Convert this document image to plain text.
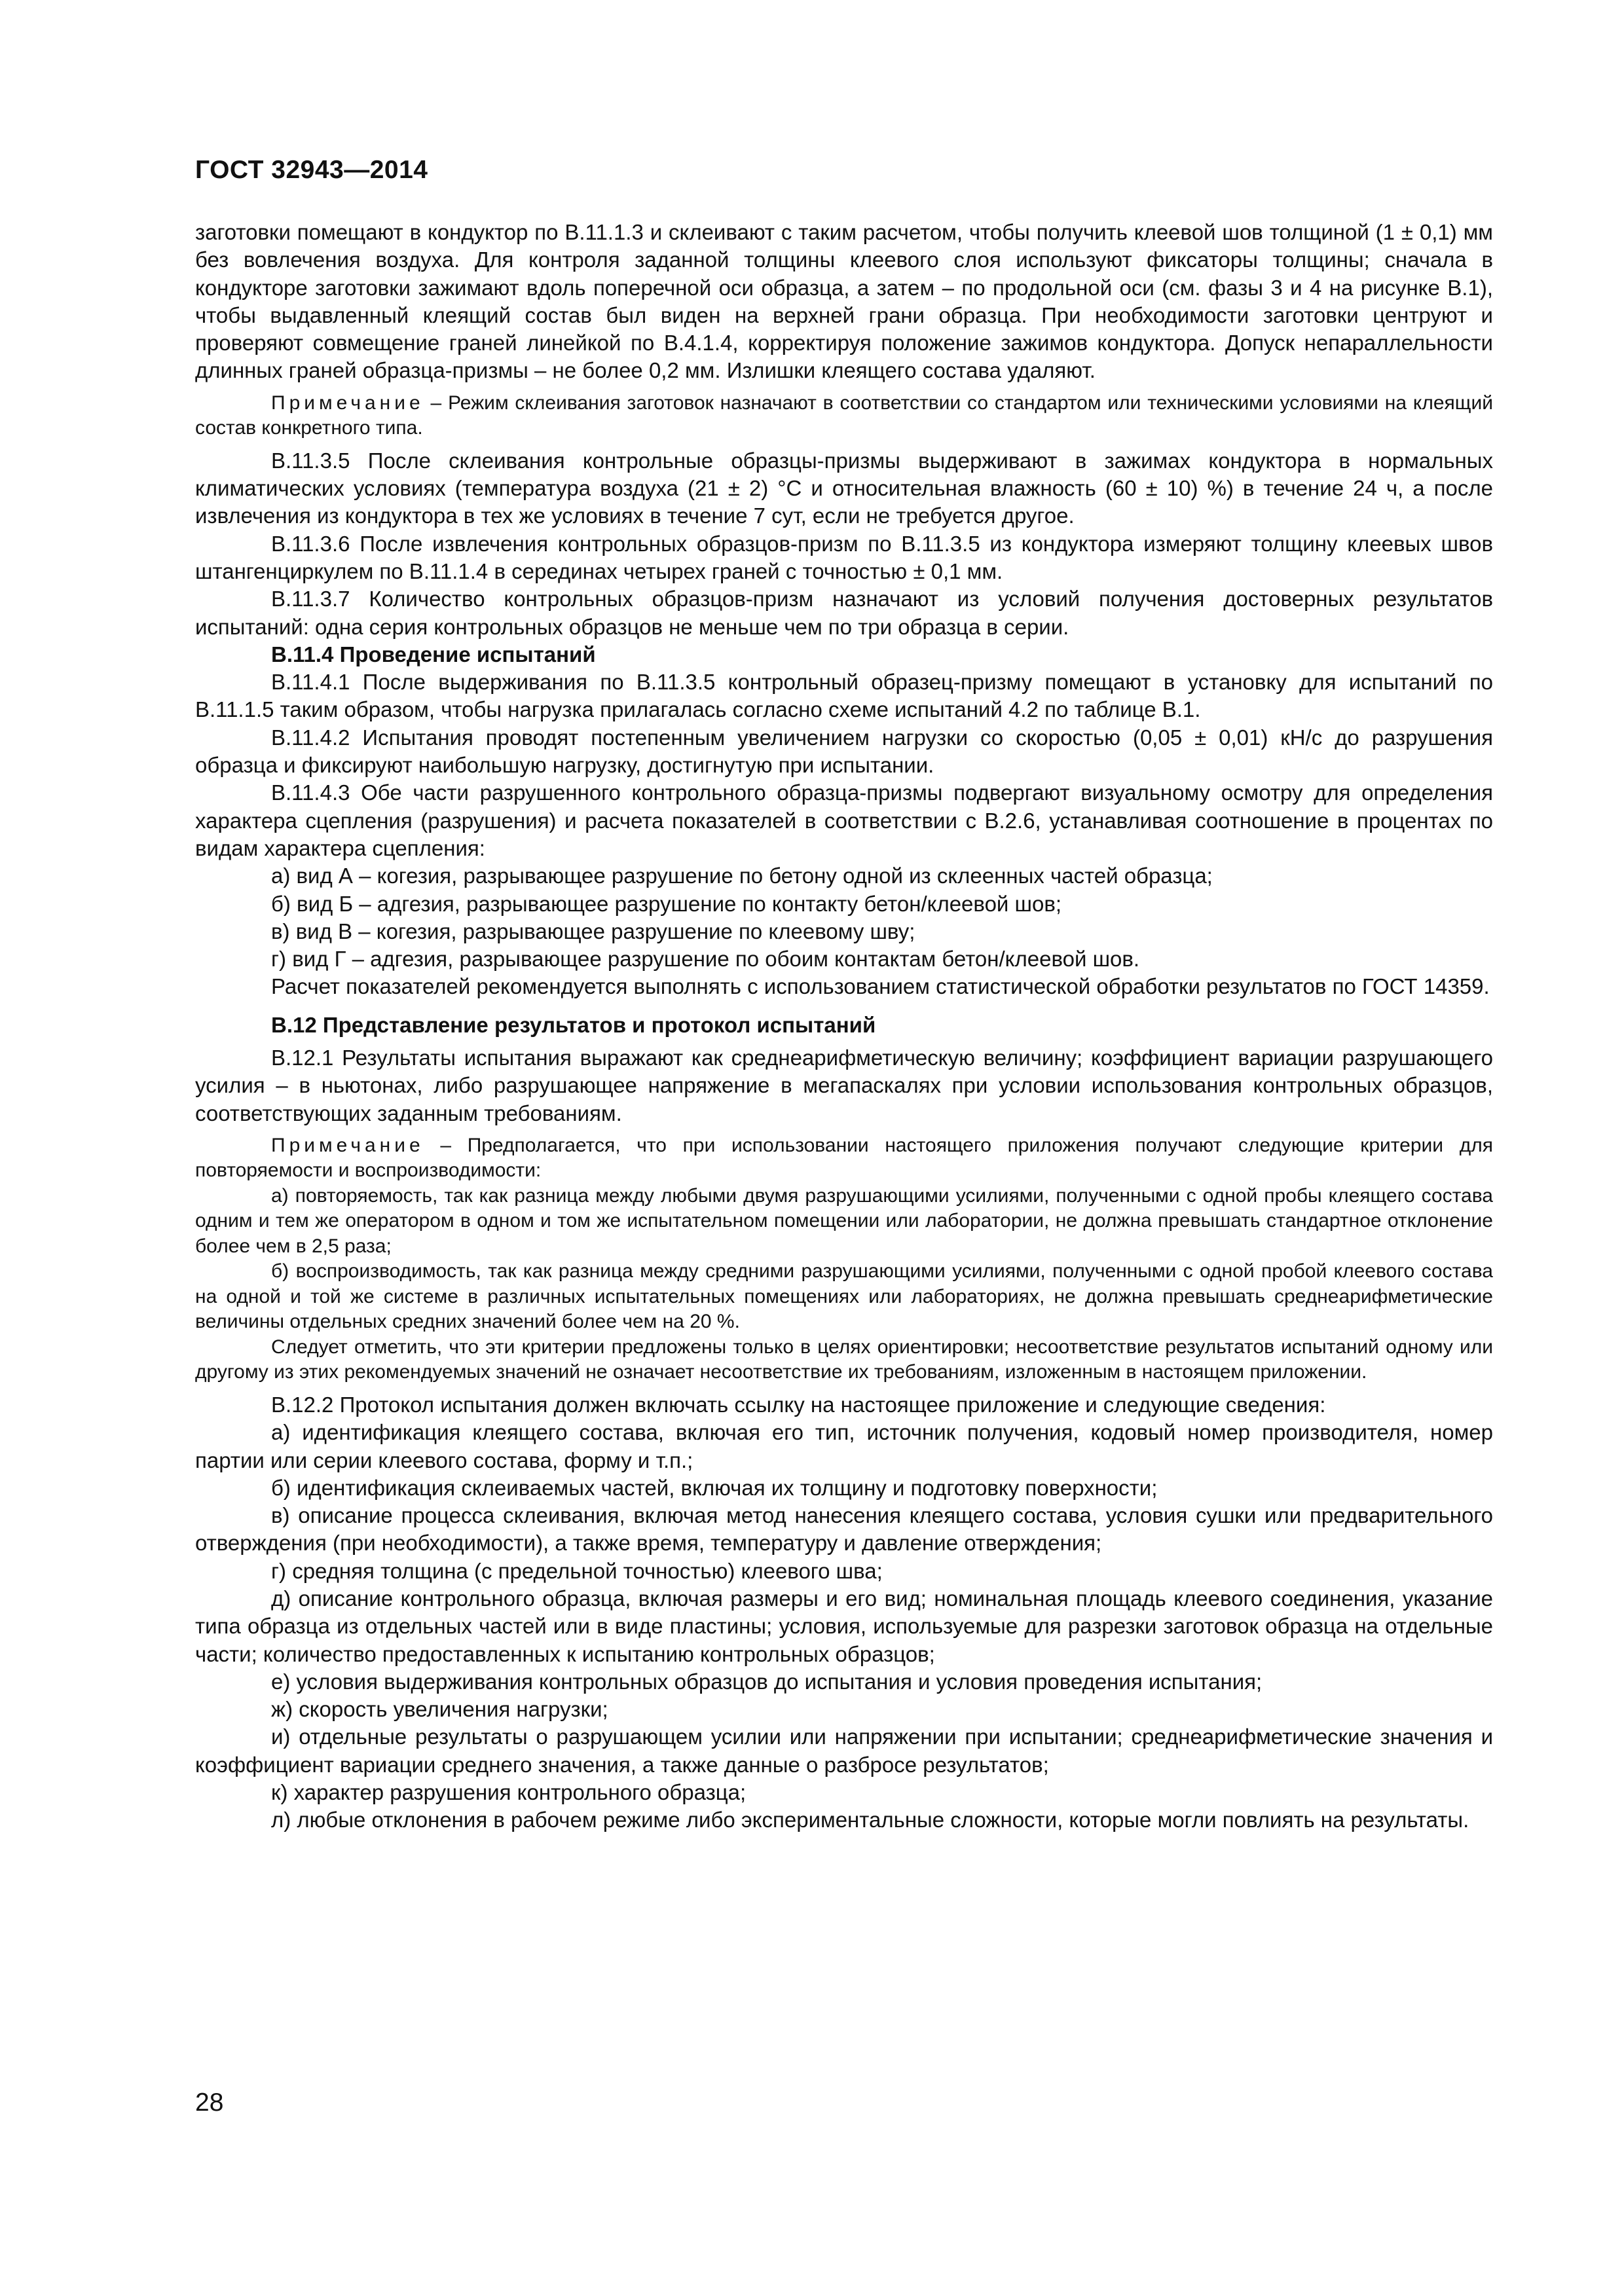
ГОСТ 32943—2014

заготовки помещают в кондуктор по В.11.1.3 и склеивают с таким расчетом, чтобы получить клеевой шов толщиной (1 ± 0,1) мм без вовлечения воздуха. Для контроля заданной толщины клеевого слоя используют фиксаторы толщины; сначала в кондукторе заготовки зажимают вдоль поперечной оси образца, а затем – по продольной оси (см. фазы 3 и 4 на рисунке В.1), чтобы выдавленный клеящий состав был виден на верхней грани образца. При необходимости заготовки центруют и проверяют совмещение граней линейкой по В.4.1.4, корректируя положение зажимов кондуктора. Допуск непараллельности длинных граней образца-призмы – не более 0,2 мм. Излишки клеящего состава удаляют.

Примечание – Режим склеивания заготовок назначают в соответствии со стандартом или техническими условиями на клеящий состав конкретного типа.

В.11.3.5 После склеивания контрольные образцы-призмы выдерживают в зажимах кондуктора в нормальных климатических условиях (температура воздуха (21 ± 2) °С и относительная влажность (60 ± 10) %) в течение 24 ч, а после извлечения из кондуктора в тех же условиях в течение 7 сут, если не требуется другое.

В.11.3.6 После извлечения контрольных образцов-призм по В.11.3.5 из кондуктора измеряют толщину клеевых швов штангенциркулем по В.11.1.4 в серединах четырех граней с точностью ± 0,1 мм.

В.11.3.7 Количество контрольных образцов-призм назначают из условий получения достоверных результатов испытаний: одна серия контрольных образцов не меньше чем по три образца в серии.

В.11.4 Проведение испытаний

В.11.4.1 После выдерживания по В.11.3.5 контрольный образец-призму помещают в установку для испытаний по В.11.1.5 таким образом, чтобы нагрузка прилагалась согласно схеме испытаний 4.2 по таблице В.1.

В.11.4.2 Испытания проводят постепенным увеличением нагрузки со скоростью (0,05 ± 0,01) кН/с до разрушения образца и фиксируют наибольшую нагрузку, достигнутую при испытании.

В.11.4.3 Обе части разрушенного контрольного образца-призмы подвергают визуальному осмотру для определения характера сцепления (разрушения) и расчета показателей в соответствии с В.2.6, устанавливая соотношение в процентах по видам характера сцепления:

а) вид А – когезия, разрывающее разрушение по бетону одной из склеенных частей образца;

б) вид Б – адгезия, разрывающее разрушение по контакту бетон/клеевой шов;

в) вид В – когезия, разрывающее разрушение по клеевому шву;

г) вид Г – адгезия, разрывающее разрушение по обоим контактам бетон/клеевой шов.

Расчет показателей рекомендуется выполнять с использованием статистической обработки результатов по ГОСТ 14359.

В.12 Представление результатов и протокол испытаний

В.12.1 Результаты испытания выражают как среднеарифметическую величину; коэффициент вариации разрушающего усилия – в ньютонах, либо разрушающее напряжение в мегапаскалях при условии использования контрольных образцов, соответствующих заданным требованиям.

Примечание – Предполагается, что при использовании настоящего приложения получают следующие критерии для повторяемости и воспроизводимости:

а) повторяемость, так как разница между любыми двумя разрушающими усилиями, полученными с одной пробы клеящего состава одним и тем же оператором в одном и том же испытательном помещении или лаборатории, не должна превышать стандартное отклонение более чем в 2,5 раза;

б) воспроизводимость, так как разница между средними разрушающими усилиями, полученными с одной пробой клеевого состава на одной и той же системе в различных испытательных помещениях или лабораториях, не должна превышать среднеарифметические величины отдельных средних значений более чем на 20 %.

Следует отметить, что эти критерии предложены только в целях ориентировки; несоответствие результатов испытаний одному или другому из этих рекомендуемых значений не означает несоответствие их требованиям, изложенным в настоящем приложении.

В.12.2 Протокол испытания должен включать ссылку на настоящее приложение и следующие сведения:

а) идентификация клеящего состава, включая его тип, источник получения, кодовый номер производителя, номер партии или серии клеевого состава, форму и т.п.;

б) идентификация склеиваемых частей, включая их толщину и подготовку поверхности;

в) описание процесса склеивания, включая метод нанесения клеящего состава, условия сушки или предварительного отверждения (при необходимости), а также время, температуру и давление отверждения;

г) средняя толщина (с предельной точностью) клеевого шва;

д) описание контрольного образца, включая размеры и его вид; номинальная площадь клеевого соединения, указание типа образца из отдельных частей или в виде пластины; условия, используемые для разрезки заготовок образца на отдельные части; количество предоставленных к испытанию контрольных образцов;

е) условия выдерживания контрольных образцов до испытания и условия проведения испытания;

ж) скорость увеличения нагрузки;

и) отдельные результаты о разрушающем усилии или напряжении при испытании; среднеарифметические значения и коэффициент вариации среднего значения, а также данные о разбросе результатов;

к) характер разрушения контрольного образца;

л) любые отклонения в рабочем режиме либо экспериментальные сложности, которые могли повлиять на результаты.

28
